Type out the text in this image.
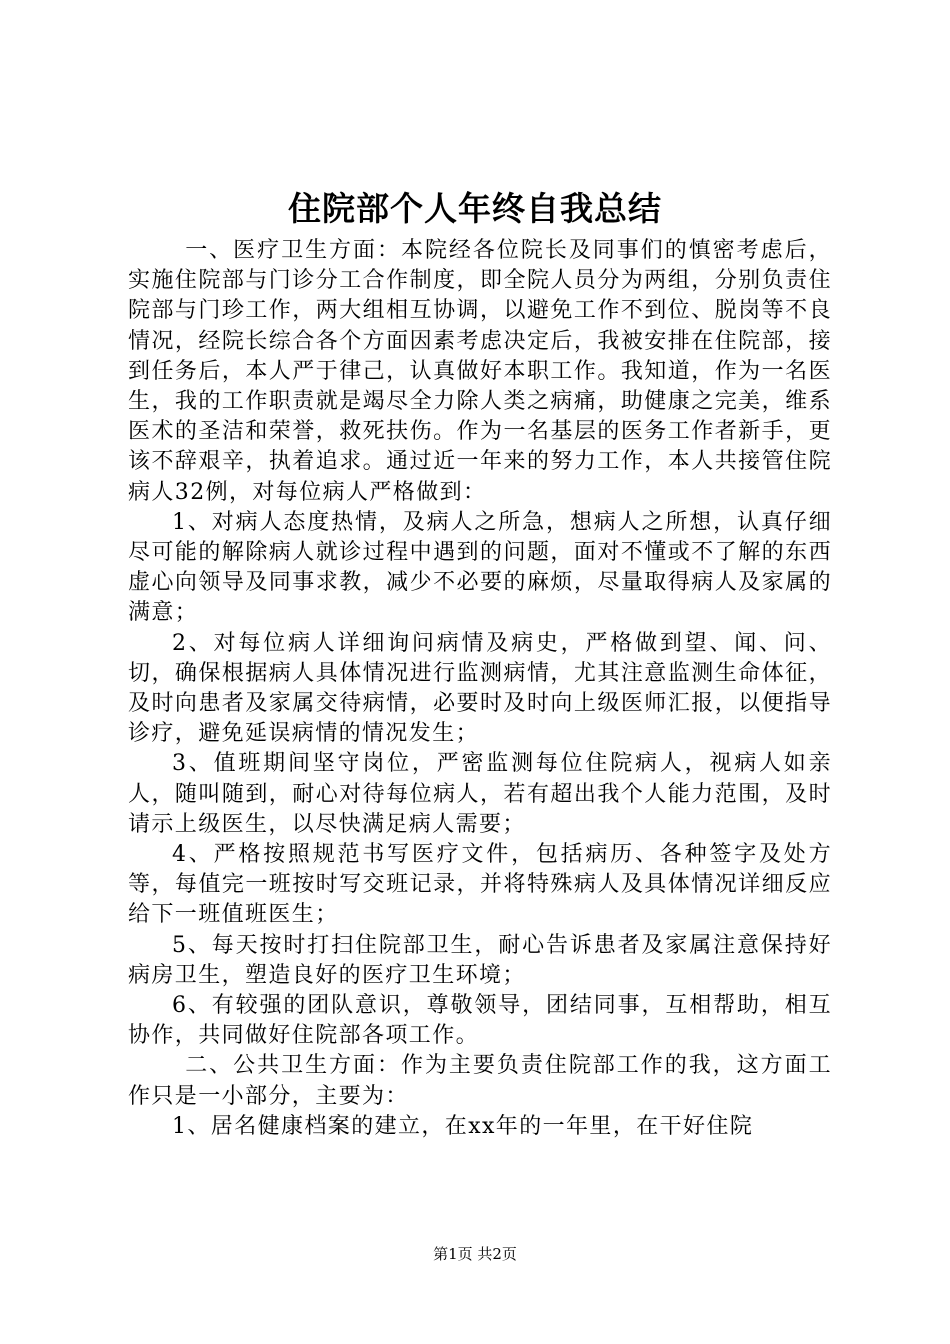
住院部个人年终自我总结

一、医疗卫生方面：本院经各位院长及同事们的慎密考虑后，实施住院部与门诊分工合作制度，即全院人员分为两组，分别负责住院部与门珍工作，两大组相互协调，以避免工作不到位、脱岗等不良情况，经院长综合各个方面因素考虑决定后，我被安排在住院部，接到任务后，本人严于律己，认真做好本职工作。我知道，作为一名医生，我的工作职责就是竭尽全力除人类之病痛，助健康之完美，维系医术的圣洁和荣誉，救死扶伤。作为一名基层的医务工作者新手，更该不辞艰辛，执着追求。通过近一年来的努力工作，本人共接管住院病人32例，对每位病人严格做到：

1、对病人态度热情，及病人之所急，想病人之所想，认真仔细尽可能的解除病人就诊过程中遇到的问题，面对不懂或不了解的东西虚心向领导及同事求教，减少不必要的麻烦，尽量取得病人及家属的满意；

2、对每位病人详细询问病情及病史，严格做到望、闻、问、切，确保根据病人具体情况进行监测病情，尤其注意监测生命体征，及时向患者及家属交待病情，必要时及时向上级医师汇报，以便指导诊疗，避免延误病情的情况发生；

3、值班期间坚守岗位，严密监测每位住院病人，视病人如亲人，随叫随到，耐心对待每位病人，若有超出我个人能力范围，及时请示上级医生，以尽快满足病人需要；

4、严格按照规范书写医疗文件，包括病历、各种签字及处方等，每值完一班按时写交班记录，并将特殊病人及具体情况详细反应给下一班值班医生；

5、每天按时打扫住院部卫生，耐心告诉患者及家属注意保持好病房卫生，塑造良好的医疗卫生环境；

6、有较强的团队意识，尊敬领导，团结同事，互相帮助，相互协作，共同做好住院部各项工作。

二、公共卫生方面：作为主要负责住院部工作的我，这方面工作只是一小部分，主要为：

1、居名健康档案的建立，在xx年的一年里，在干好住院

第1页 共2页
